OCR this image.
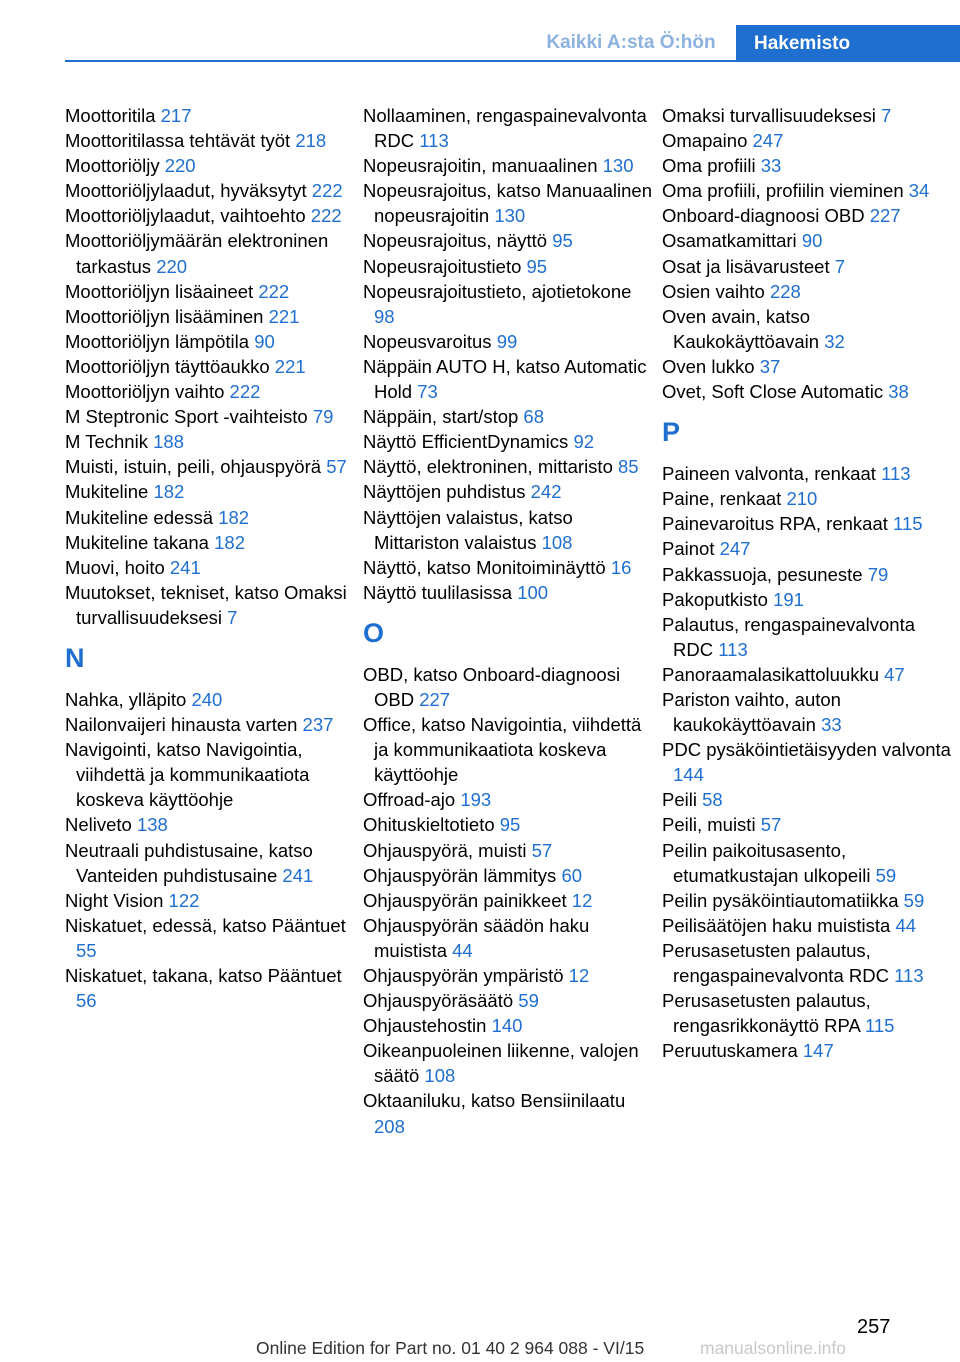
Kaikki A:sta Ö:hön	Hakemisto
Moottoritila 217
Moottoritilassa tehtävät työt 218
Moottoriöljy 220
Moottoriöljylaadut, hyväksytyt 222
Moottoriöljylaadut, vaihtoehto 222
Moottoriöljymäärän elektroninen tarkastus 220
Moottoriöljyn lisäaineet 222
Moottoriöljyn lisääminen 221
Moottoriöljyn lämpötila 90
Moottoriöljyn täyttöaukko 221
Moottoriöljyn vaihto 222
M Steptronic Sport -vaihteisto 79
M Technik 188
Muisti, istuin, peili, ohjauspyörä 57
Mukiteline 182
Mukiteline edessä 182
Mukiteline takana 182
Muovi, hoito 241
Muutokset, tekniset, katso Omaksi turvallisuudeksesi 7
N
Nahka, ylläpito 240
Nailonvaijeri hinausta varten 237
Navigointi, katso Navigointia, viihdettä ja kommunikaatiota koskeva käyttöohje
Neliveto 138
Neutraali puhdistusaine, katso Vanteiden puhdistusaine 241
Night Vision 122
Niskatuet, edessä, katso Pääntuet 55
Niskatuet, takana, katso Pääntuet 56
Nollaaminen, rengaspainevalvonta RDC 113
Nopeusrajoitin, manuaalinen 130
Nopeusrajoitus, katso Manuaalinen nopeusrajoitin 130
Nopeusrajoitus, näyttö 95
Nopeusrajoitustieto 95
Nopeusrajoitustieto, ajotietokone 98
Nopeusvaroitus 99
Näppäin AUTO H, katso Automatic Hold 73
Näppäin, start/stop 68
Näyttö EfficientDynamics 92
Näyttö, elektroninen, mittaristo 85
Näyttöjen puhdistus 242
Näyttöjen valaistus, katso Mittariston valaistus 108
Näyttö, katso Monitoiminäyttö 16
Näyttö tuulilasissa 100
O
OBD, katso Onboard-diagnoosi OBD 227
Office, katso Navigointia, viihdettä ja kommunikaatiota koskeva käyttöohje
Offroad-ajo 193
Ohituskieltotieto 95
Ohjauspyörä, muisti 57
Ohjauspyörän lämmitys 60
Ohjauspyörän painikkeet 12
Ohjauspyörän säädön haku muistista 44
Ohjauspyörän ympäristö 12
Ohjauspyöräsäätö 59
Ohjaustehostin 140
Oikeanpuoleinen liikenne, valojen säätö 108
Oktaaniluku, katso Bensiinilaatu 208
Omaksi turvallisuudeksesi 7
Omapaino 247
Oma profiili 33
Oma profiili, profiilin vieminen 34
Onboard-diagnoosi OBD 227
Osamatkamittari 90
Osat ja lisävarusteet 7
Osien vaihto 228
Oven avain, katso Kaukokäyttöavain 32
Oven lukko 37
Ovet, Soft Close Automatic 38
P
Paineen valvonta, renkaat 113
Paine, renkaat 210
Painevaroitus RPA, renkaat 115
Painot 247
Pakkassuoja, pesuneste 79
Pakoputkisto 191
Palautus, rengaspainevalvonta RDC 113
Panoraamalasikattoluukku 47
Pariston vaihto, auton kaukokäyttöavain 33
PDC pysäköintietäisyyden valvonta 144
Peili 58
Peili, muisti 57
Peilin paikoitusasento, etumatkustajan ulkopeili 59
Peilin pysäköintiautomatiikka 59
Peilisäätöjen haku muistista 44
Perusasetusten palautus, rengaspainevalvonta RDC 113
Perusasetusten palautus, rengasrikkonäyttö RPA 115
Peruutuskamera 147
257
Online Edition for Part no. 01 40 2 964 088 - VI/15	manualsonline.info
